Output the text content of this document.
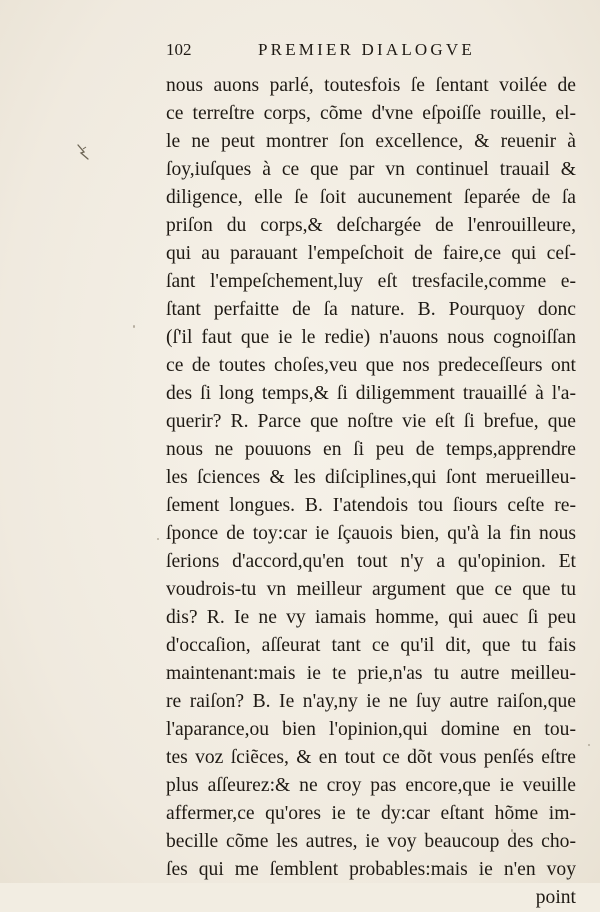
102	PREMIER DIALOGVE
nous auons parlé, toutesfois ſe ſentant voilée de
ce terreſtre corps, cõme d'vne eſpoiſſe rouille, el-
le ne peut montrer ſon excellence, & reuenir à
ſoy,iuſques à ce que par vn continuel trauail &
diligence, elle ſe ſoit aucunement ſeparée de ſa
priſon du corps,& deſchargée de l'enrouilleure,
qui au parauant l'empeſchoit de faire,ce qui ceſ-
ſant l'empeſchement,luy eſt tresfacile,comme e-
ſtant perfaitte de ſa nature. B. Pourquoy donc
(ſ'il faut que ie le redie) n'auons nous cognoiſſan
ce de toutes choſes,veu que nos predeceſſeurs ont
des ſi long temps,& ſi diligemment trauaillé à l'a-
querir? R. Parce que noſtre vie eſt ſi brefue, que
nous ne pouuons en ſi peu de temps,apprendre
les ſciences & les diſciplines,qui ſont merueilleu-
ſement longues. B. I'atendois tou ſiours ceſte re-
ſponce de toy:car ie ſçauois bien, qu'à la fin nous
ſerions d'accord,qu'en tout n'y a qu'opinion. Et
voudrois-tu vn meilleur argument que ce que tu
dis? R. Ie ne vy iamais homme, qui auec ſi peu
d'occaſion, aſſeurat tant ce qu'il dit, que tu fais
maintenant:mais ie te prie,n'as tu autre meilleu-
re raiſon? B. Ie n'ay,ny ie ne ſuy autre raiſon,que
l'aparance,ou bien l'opinion,qui domine en tou-
tes voz ſciẽces, & en tout ce dõt vous penſés eſtre
plus aſſeurez:& ne croy pas encore,que ie veuille
affermer,ce qu'ores ie te dy:car eſtant hõme im-
becille cõme les autres, ie voy beaucoup des cho-
ſes qui me ſemblent probables:mais ie n'en voy
point
